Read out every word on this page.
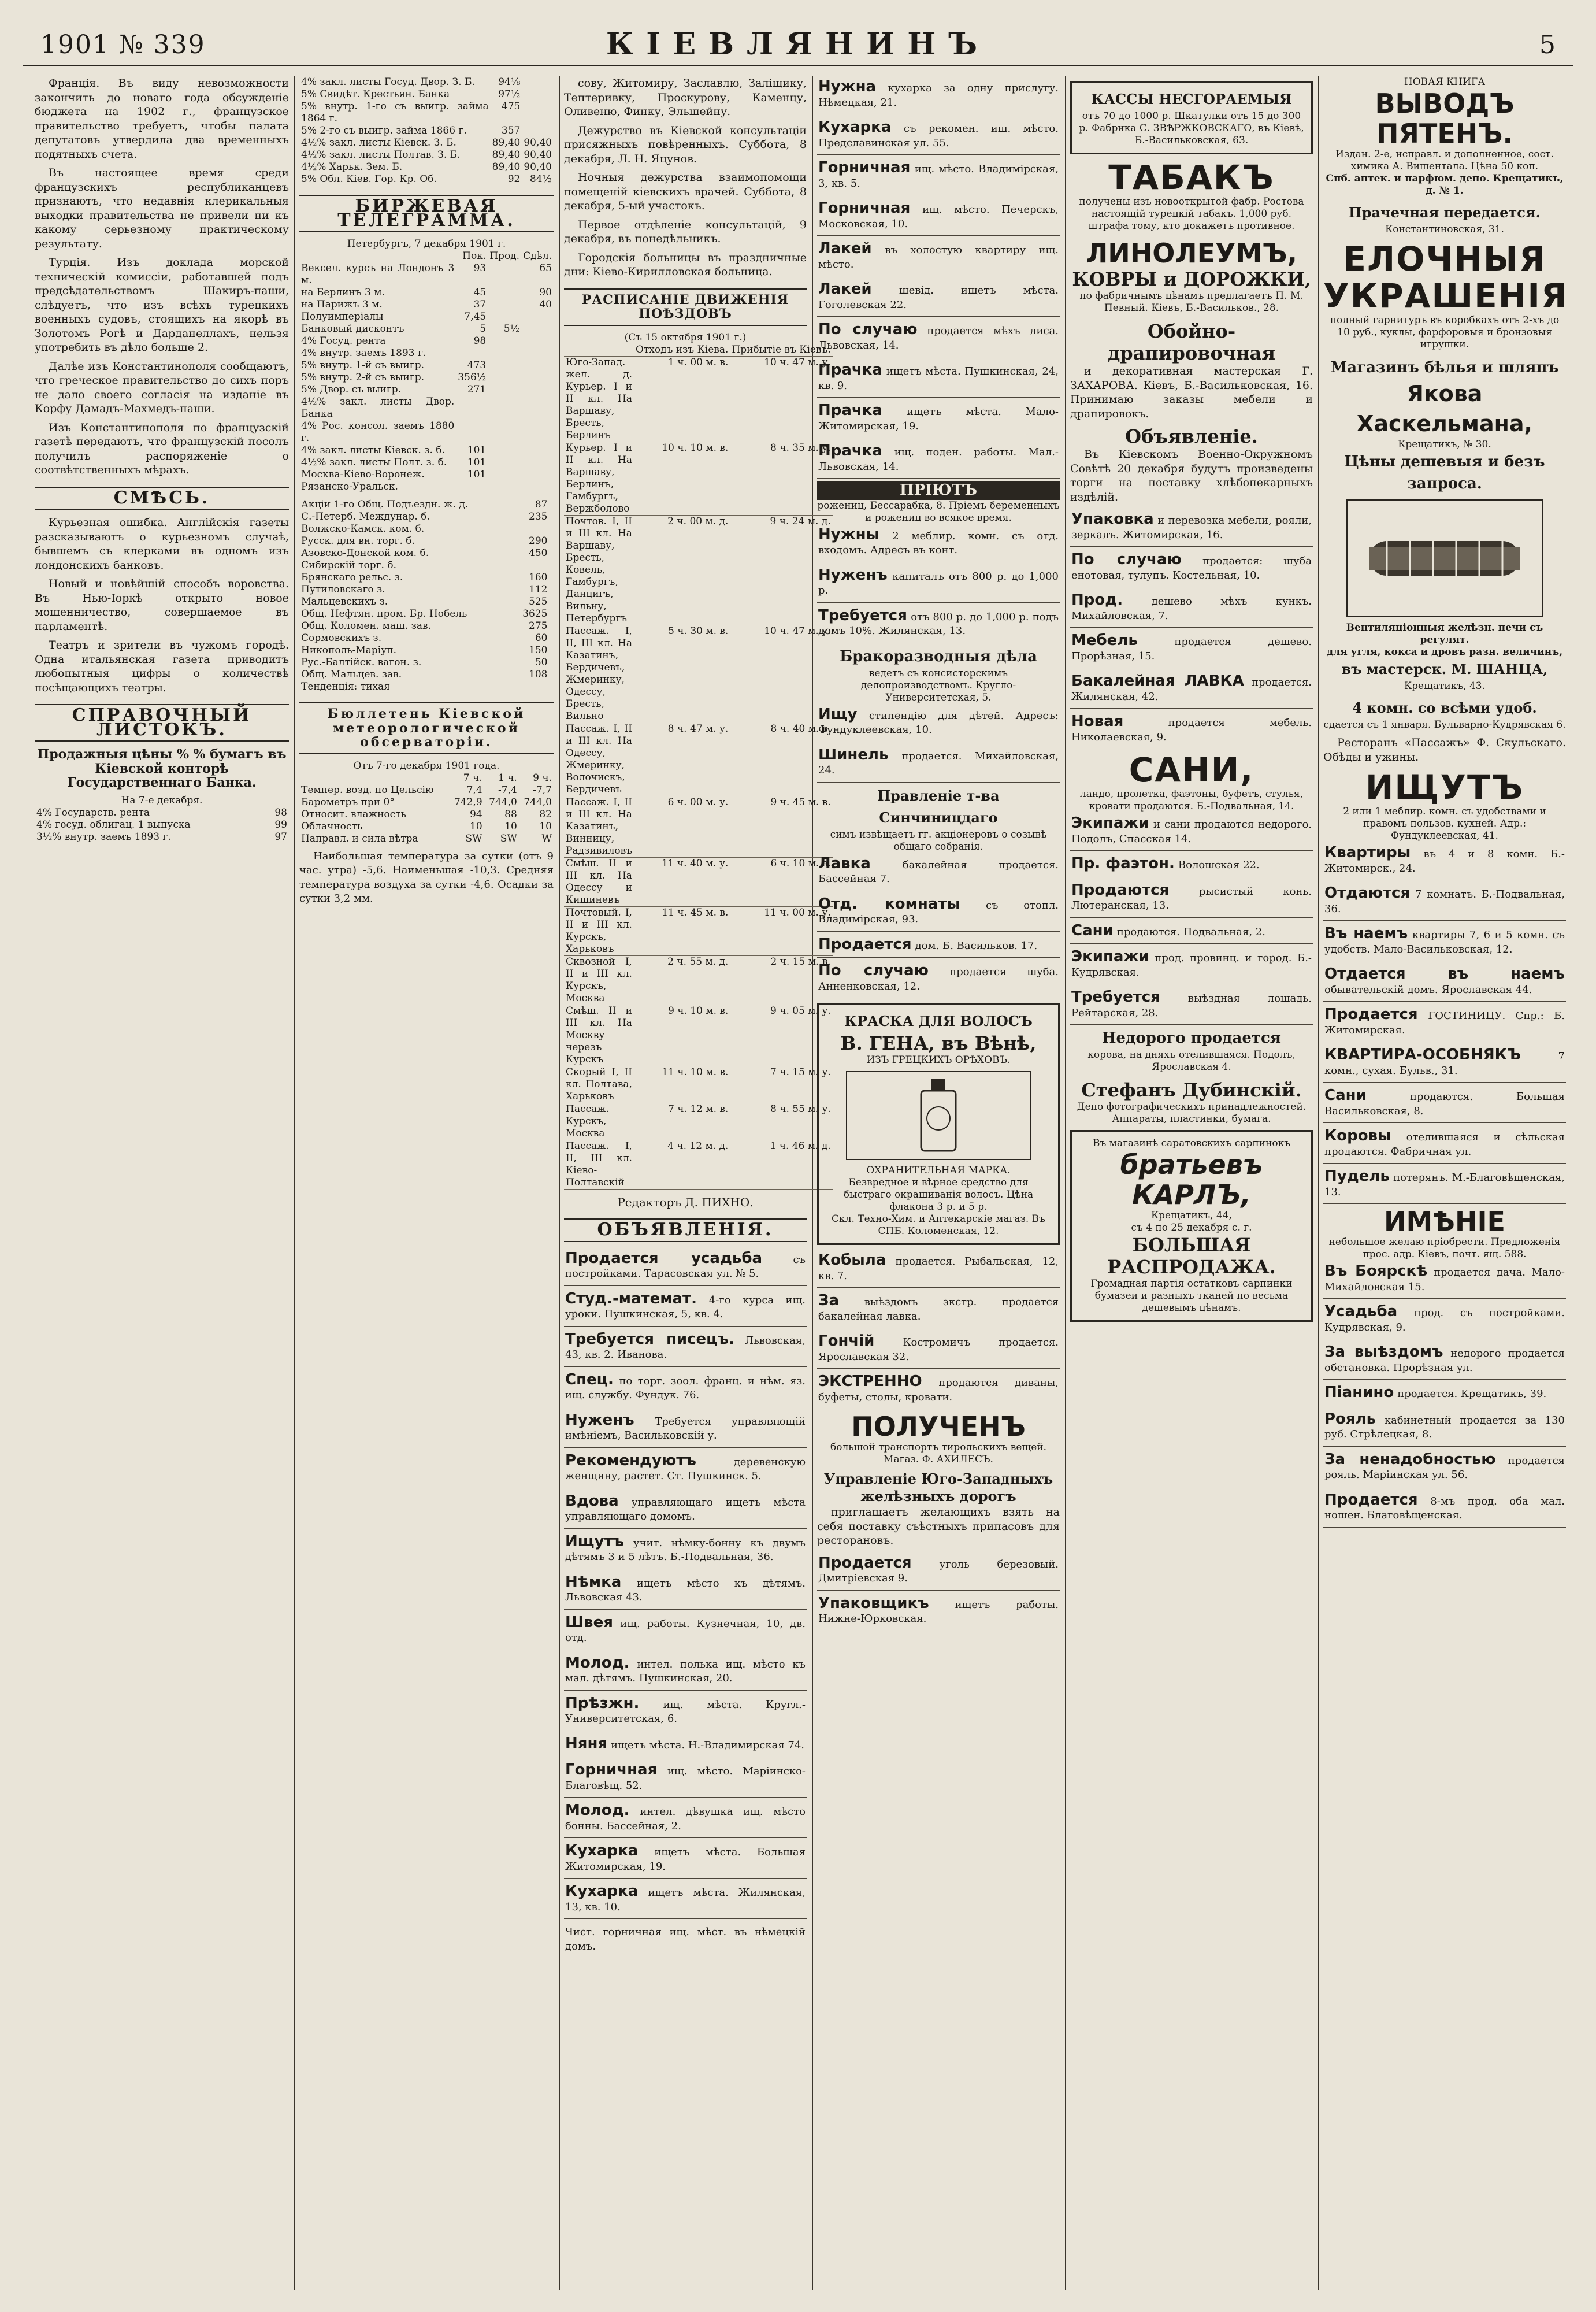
1901 № 339	КІЕВЛЯНИНЪ	5

Франція. Въ виду невозможности закончить до новаго года обсужденіе бюджета на 1902 г., французское правительство требуетъ, чтобы палата депутатовъ утвердила два временныхъ подятныхъ счета.

Въ настоящее время среди французскихъ республиканцевъ признаютъ, что недавнія клерикальныя выходки правительства не привели ни къ какому серьезному практическому результату.

Турція. Изъ доклада морской техническій комиссіи, работавшей подъ предсѣдательствомъ Шакиръ-паши, слѣдуетъ, что изъ всѣхъ турецкихъ военныхъ судовъ, стоящихъ на якорѣ въ Золотомъ Рогѣ и Дарданеллахъ, нельзя употребить въ дѣло больше 2.

Далѣе изъ Константинополя сообщаютъ, что греческое правительство до сихъ поръ не дало своего согласія на изданіе въ Корфу Дамадъ-Махмедъ-паши.

Изъ Константинополя по французскій газетѣ передаютъ, что французскій посолъ получилъ распоряженіе о соотвѣтственныхъ мѣрахъ.

СМѢСЬ.

Курьезная ошибка. Англійскія газеты разсказываютъ о курьезномъ случаѣ, бывшемъ съ клерками въ одномъ изъ лондонскихъ банковъ.

Новый и новѣйшій способъ воровства. Въ Нью-Іоркѣ открыто новое мошенничество, совершаемое въ парламентѣ.

Театръ и зрители въ чужомъ городѣ. Одна итальянская газета приводитъ любопытныя цифры о количествѣ посѣщающихъ театры.

СПРАВОЧНЫЙ ЛИСТОКЪ.
Продажныя цѣны % % бумагъ въ Кіевской конторѣ Государственнаго Банка.
На 7-е декабря.
4% Государств. рента	98
4% госуд. облигац. 1 выпуска	99
3½% внутр. заемъ 1893 г.	97
4% закл. листы Госуд. Двор. З. Б.	94⅛	
5% Свидѣт. Крестьян. Банка	97½	
5% внутр. 1-го съ выигр. займа 1864 г.	475	
5% 2-го съ выигр. займа 1866 г.	357	
4½% закл. листы Кіевск. З. Б.	89,40	90,40
4½% закл. листы Полтав. З. Б.	89,40	90,40
4½% Харьк. Зем. Б.	89,40	90,40
5% Обл. Кіев. Гор. Кр. Об.	92	84½
БИРЖЕВАЯ ТЕЛЕГРАММА.
Петербургъ, 7 декабря 1901 г.
	Пок.	Прод.	Сдѣл.
Вексел. курсъ на Лондонъ 3 м.	93		65
на Берлинъ 3 м.	45		90
на Парижъ 3 м.	37		40
Полуимперіалы	7,45		
Банковый дисконтъ	5	5½	
4% Госуд. рента	98		
4% внутр. заемъ 1893 г.			
5% внутр. 1-й съ выигр.	473		
5% внутр. 2-й съ выигр.	356½		
5% Двор. съ выигр.	271		
4½% закл. листы Двор. Банка			
4% Рос. консол. заемъ 1880 г.			
4% закл. листы Кіевск. з. б.	101		
4½% закл. листы Полт. з. б.	101		
Москва-Кіево-Воронеж.	101		
Рязанско-Уральск.			
Акціи 1-го Общ. Подъездн. ж. д.	87	
С.-Петерб. Междунар. б.	235	
Волжско-Камск. ком. б.		
Русск. для вн. торг. б.	290	
Азовско-Донской ком. б.	450	
Сибирскій торг. б.		
Брянскаго рельс. з.	160	
Путиловскаго з.	112	
Мальцевскихъ з.	525	
Общ. Нефтян. пром. Бр. Нобель	3625	
Общ. Коломен. маш. зав.	275	
Сормовскихъ з.	60	
Никополь-Маріуп.	150	
Рус.-Балтійск. вагон. з.	50	
Общ. Мальцев. зав.	108	
Тенденція: тихая		
Бюллетень Кіевской метеорологической обсерваторіи.
Отъ 7-го декабря 1901 года.
	7 ч.	1 ч.	9 ч.
Темпер. возд. по Цельсію	7,4	-7,4	-7,7
Барометръ при 0°	742,9	744,0	744,0
Относит. влажность	94	88	82
Облачность	10	10	10
Направл. и сила вѣтра	SW	SW	W

Наибольшая температура за сутки (отъ 9 час. утра) -5,6. Наименьшая -10,3. Средняя температура воздуха за сутки -4,6. Осадки за сутки 3,2 мм.

сову, Житомиру, Заславлю, Заліщику, Тептеривку, Проскурову, Каменцу, Оливеню, Финку, Эльшейну.

Дежурство въ Кіевской консультаціи присяжныхъ повѣренныхъ. Суббота, 8 декабря, Л. Н. Яцунов.

Ночныя дежурства взаимопомощи помещеній кіевскихъ врачей. Суббота, 8 декабря, 5-ый участокъ.

Первое отдѣленіе консультацій, 9 декабря, въ понедѣльникъ.

Городскія больницы въ праздничные дни: Кіево-Кирилловская больница.

РАСПИСАНІЕ ДВИЖЕНІЯ ПОѢЗДОВЪ
(Съ 15 октября 1901 г.)
	Отходъ изъ Кіева.	Прибытіе въ Кіевъ.
Юго-Запад. жел. д. Курьер. I и II кл. На Варшаву, Бресть, Берлинъ	1 ч. 00 м. в.	10 ч. 47 м. у.
Курьер. I и II кл. На Варшаву, Берлинъ, Гамбургъ, Вержболово	10 ч. 10 м. в.	8 ч. 35 м. у.
Почтов. I, II и III кл. На Варшаву, Бресть, Ковель, Гамбургъ, Данцигъ, Вильну, Петербургъ	2 ч. 00 м. д.	9 ч. 24 м. д.
Пассаж. I, II, III кл. На Казатинъ, Бердичевъ, Жмеринку, Одессу, Бресть, Вильно	5 ч. 30 м. в.	10 ч. 47 м. у.
Пассаж. I, II и III кл. На Одессу, Жмеринку, Волочискъ, Бердичевъ	8 ч. 47 м. у.	8 ч. 40 м. в.
Пассаж. I, II и III кл. На Казатинъ, Винницу, Радзивиловъ	6 ч. 00 м. у.	9 ч. 45 м. в.
Смѣш. II и III кл. На Одессу и Кишиневъ	11 ч. 40 м. у.	6 ч. 10 м. в.
Почтовый. I, II и III кл. Курскъ, Харьковъ	11 ч. 45 м. в.	11 ч. 00 м. у.
Сквозной I, II и III кл. Курскъ, Москва	2 ч. 55 м. д.	2 ч. 15 м. в.
Смѣш. II и III кл. На Москву черезъ Курскъ	9 ч. 10 м. в.	9 ч. 05 м. у.
Скорый I, II кл. Полтава, Харьковъ	11 ч. 10 м. в.	7 ч. 15 м. у.
Пассаж. Курскъ, Москва	7 ч. 12 м. в.	8 ч. 55 м. у.
Пассаж. I, II, III кл. Кіево-Полтавскій	4 ч. 12 м. д.	1 ч. 46 м. д.
Редакторъ Д. ПИХНО.
ОБЪЯВЛЕНІЯ.
Продается усадьба	съ постройками. Тарасовская ул. № 5.
Студ.-математ. 4-го курса ищ. уроки. Пушкинская, 5, кв. 4.
Требуется писецъ. Львовская, 43, кв. 2. Иванова.
Спец. по торг. зоол. франц. и нѣм. яз. ищ. службу. Фундук. 76.
Нуженъ Требуется управляющій имѣніемъ, Васильковскій у.
Рекомендуютъ	деревенскую женщину, растет. Ст. Пушкинск. 5.
Вдова управляющаго ищетъ мѣста управляющаго домомъ.
Ищутъ учит. нѣмку-бонну къ двумъ дѣтямъ 3 и 5 лѣтъ. Б.-Подвальная, 36.
Нѣмка ищетъ мѣсто къ дѣтямъ. Львовская 43.
Швея ищ. работы. Кузнечная, 10, дв. отд.
Молод. интел. полька ищ. мѣсто къ мал. дѣтямъ. Пушкинская, 20.
Прѣзжн. ищ. мѣста. Кругл.-Университетская, 6.
Няня ищетъ мѣста. Н.-Владимирская 74.
Горничная ищ. мѣсто. Маріинско-Благовѣщ. 52.
Молод. интел. дѣвушка ищ. мѣсто бонны. Бассейная, 2.
Кухарка ищетъ мѣста. Большая Житомирская, 19.
Кухарка ищетъ мѣста. Жилянская, 13, кв. 10.
Чист. горничная ищ. мѣст. въ нѣмецкій домъ.
Нужна кухарка за одну прислугу. Нѣмецкая, 21.
Кухарка съ рекомен. ищ. мѣсто. Предславинская ул. 55.
Горничная ищ. мѣсто. Владимірская, 3, кв. 5.
Горничная ищ. мѣсто. Печерскъ, Московская, 10.
Лакей въ холостую квартиру ищ. мѣсто.
Лакей	шевід. ищетъ мѣста. Гоголевская 22.
По случаю продается мѣхъ лиса. Львовская, 14.
Прачка ищетъ мѣста. Пушкинская, 24, кв. 9.
Прачка ищетъ мѣста. Мало-Житомирская, 19.
Прачка ищ. поден. работы. Мал.-Львовская, 14.
ПРІЮТЪ
рожениц, Бессарабка, 8. Пріемъ беременныхъ и рожениц во всякое время.
Нужны 2 меблир. комн. съ отд. входомъ. Адресъ въ конт.
Нуженъ капиталъ отъ 800 р. до 1,000 р.
Требуется отъ 800 р. до 1,000 р. подъ домъ 10%. Жилянская, 13.
Бракоразводныя дѣла
ведетъ съ консисторскимъ делопроизводствомъ. Кругло-Университетская, 5.
Ищу стипендію для дѣтей. Адресъ: Фундуклеевская, 10.
Шинель продается. Михайловская, 24.
Правленіе т-ва Синчиницдаго
симъ извѣщаетъ гг. акціонеровъ о созывѣ общаго собранія.
Лавка	бакалейная продается. Бассейная 7.
Отд. комнаты съ отопл. Владимірская, 93.
Продается дом. Б. Васильков. 17.
По случаю продается шуба. Анненковская, 12.
КРАСКА ДЛЯ ВОЛОСЪ
В. ГЕНА, въ Вѣнѣ,
ИЗЪ ГРЕЦКИХЪ ОРѢХОВЪ.
ОХРАНИТЕЛЬНАЯ МАРКА.
Безвредное и вѣрное средство для быстраго окрашиванія волосъ. Цѣна флакона 3 р. и 5 р.
Скл. Техно-Хим. и Аптекарскіе магаз. Въ СПБ. Коломенская, 12.
Кобыла продается. Рыбальская, 12, кв. 7.
За выѣздомъ экстр. продается бакалейная лавка.
Гончій	Костромичъ продается. Ярославская 32.
ЭКСТРЕННО продаются диваны, буфеты, столы, кровати.
ПОЛУЧЕНЪ
большой транспортъ тирольскихъ вещей. Магаз. Ф. АХИЛЕСЪ.
Управленіе Юго-Западныхъ желѣзныхъ дорогъ

приглашаетъ желающихъ взять на себя поставку съѣстныхъ припасовъ для ресторановъ.

Продается	уголь березовый. Дмитріевская 9.
Упаковщикъ ищетъ работы. Нижне-Юрковская.
КАССЫ НЕСГОРАЕМЫЯ
отъ 70 до 1000 р. Шкатулки отъ 15 до 300 р. Фабрика С. ЗВѢРЖКОВСКАГО, въ Кіевѣ, Б.-Васильковская, 63.
ТАБАКЪ
получены изъ новооткрытой фабр. Ростова настоящій турецкій табакъ. 1,000 руб. штрафа тому, кто докажетъ противное.
ЛИНОЛЕУМЪ,
КОВРЫ и ДОРОЖКИ,
по фабричнымъ цѣнамъ предлагаетъ П. М. Певный. Кіевъ, Б.-Васильков., 28.
Обойно-драпировочная

и декоративная мастерская Г. ЗАХАРОВА. Кіевъ, Б.-Васильковская, 16. Принимаю заказы мебели и драпировокъ.

Объявленіе.

Въ Кіевскомъ Военно-Окружномъ Совѣтѣ 20 декабря будутъ произведены торги на поставку хлѣбопекарныхъ издѣлій.

Упаковка и перевозка мебели, рояли, зеркалъ. Житомирская, 16.
По случаю продается: шуба енотовая, тулупъ. Костельная, 10.
Прод.	дешево мѣхъ кункъ. Михайловская, 7.
Мебель	продается дешево. Прорѣзная, 15.
Бакалейная ЛАВКА продается. Жилянская, 42.
Новая	продается мебель. Николаевская, 9.
САНИ,
ландо, пролетка, фаэтоны, буфетъ, стулья, кровати продаются. Б.-Подвальная, 14.
Экипажи и сани продаются недорого. Подолъ, Спасская 14.
Пр. фаэтон. Волошская 22.
Продаются	рысистый конь. Лютеранская, 13.
Сани продаются. Подвальная, 2.
Экипажи прод. провинц. и город. Б.-Кудрявская.
Требуется	выѣздная лошадь. Рейтарская, 28.
Недорого продается
корова, на дняхъ отелившаяся. Подолъ, Ярославская 4.
Стефанъ Дубинскій.
Депо фотографическихъ принадлежностей. Аппараты, пластинки, бумага.
Въ магазинѣ саратовскихъ сарпинокъ
братьевъ КАРЛЪ,
Крещатикъ, 44,
съ 4 по 25 декабря с. г.
БОЛЬШАЯ РАСПРОДАЖА.
Громадная партія остатковъ сарпинки бумазеи и разныхъ тканей по весьма дешевымъ цѣнамъ.
НОВАЯ КНИГА
ВЫВОДЪ ПЯТЕНЪ.
Издан. 2-е, исправл. и дополненное, сост. химика А. Вишентала. Цѣна 50 коп.
Спб. аптек. и парфюм. депо. Крещатикъ, д. № 1.
Прачечная передается.
Константиновская, 31.
ЕЛОЧНЫЯ УКРАШЕНІЯ
полный гарнитуръ въ коробкахъ отъ 2-хъ до 10 руб., куклы, фарфоровыя и бронзовыя игрушки.
Магазинъ бѣлья и шляпъ
Якова Хаскельмана,
Крещатикъ, № 30.
Цѣны дешевыя и безъ запроса.
Вентиляціонныя желѣзн. печи съ регулят.
для угля, кокса и дровъ разн. величинъ,
въ мастерск. М. ШАНЦА,
Крещатикъ, 43.
4 комн. со всѣми удоб.
сдается съ 1 января. Бульварно-Кудрявская 6.

Ресторанъ «Пассажъ» Ф. Скульскаго. Обѣды и ужины.

ИЩУТЪ
2 или 1 меблир. комн. съ удобствами и правомъ пользов. кухней. Адр.: Фундуклеевская, 41.
Квартиры въ 4 и 8 комн. Б.-Житомирск., 24.
Отдаются 7 комнатъ. Б.-Подвальная, 36.
Въ наемъ квартиры 7, 6 и 5 комн. съ удобств. Мало-Васильковская, 12.
Отдается въ наемъ обывательскій домъ. Ярославская 44.
Продается ГОСТИНИЦУ. Спр.: Б. Житомирская.
КВАРТИРА-ОСОБНЯКЪ	7 комн., сухая. Бульв., 31.
Сани	продаются. Большая Васильковская, 8.
Коровы отелившаяся и сѣльская продаются. Фабричная ул.
Пудель потерянъ. М.-Благовѣщенская, 13.
ИМѢНІЕ
небольшое желаю пріобрести. Предложенія прос. адр. Кіевъ, почт. ящ. 588.
Въ Боярскѣ продается дача. Мало-Михайловская 15.
Усадьба прод. съ постройками. Кудрявская, 9.
За выѣздомъ недорого продается обстановка. Прорѣзная ул.
Піанино продается. Крещатикъ, 39.
Рояль кабинетный продается за 130 руб. Стрѣлецкая, 8.
За ненадобностью продается рояль. Маріинская ул. 56.
Продается 8-мъ прод. оба мал. ношен. Благовѣщенская.
